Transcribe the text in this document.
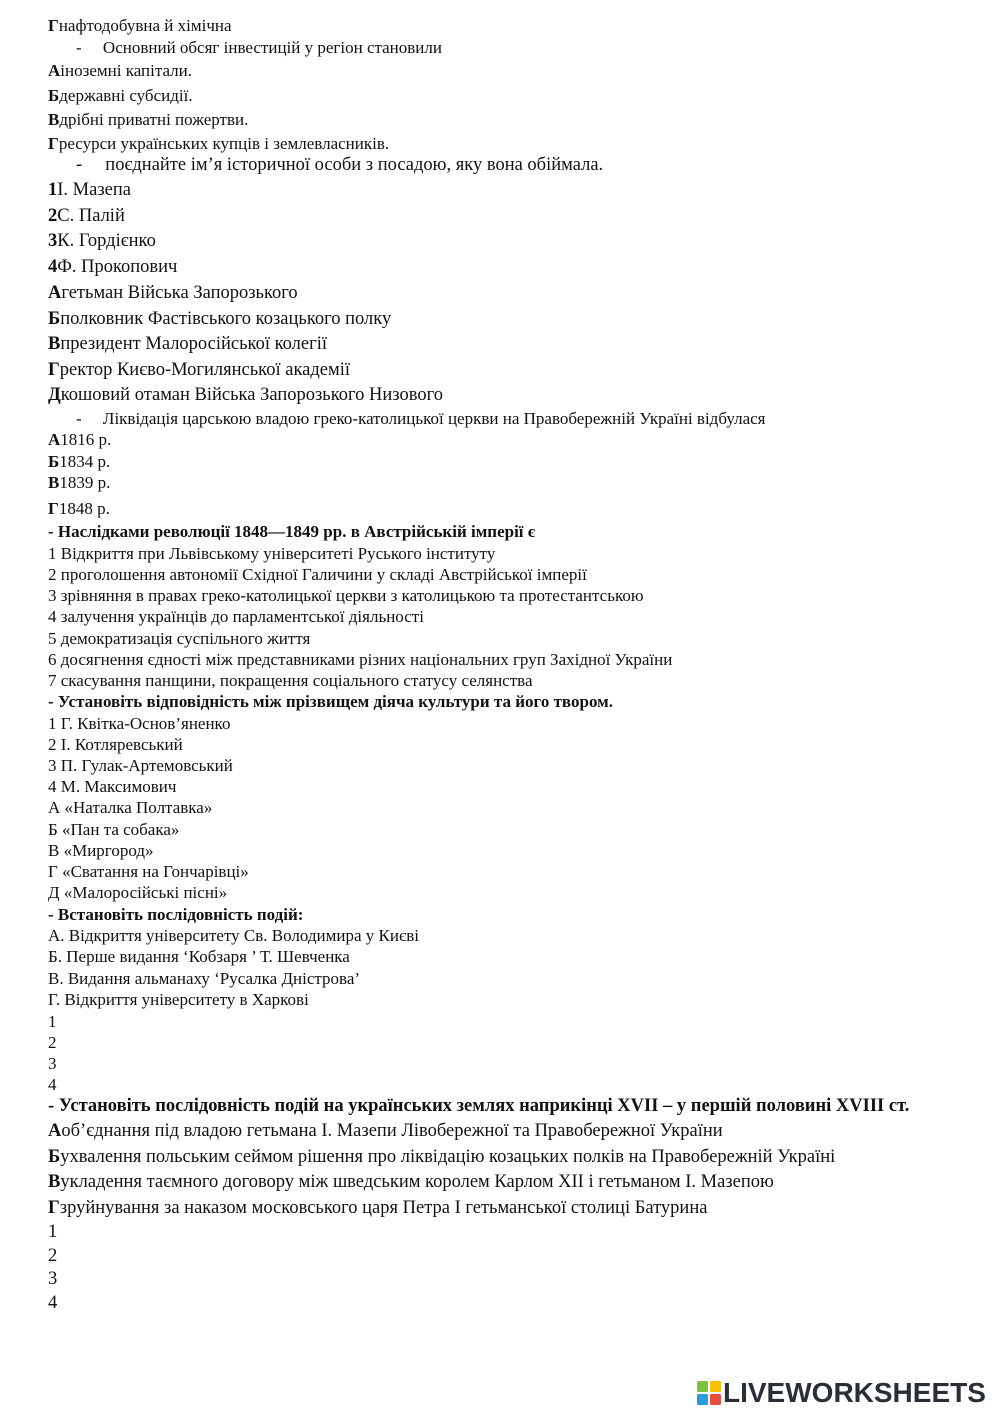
Гнафтодобувна й хімічна
-     Основний обсяг інвестицій у регіон становили
Аіноземні капітали.
Бдержавні субсидії.
Вдрібні приватні пожертви.
Гресурси українських купців і землевласників.
-     поєднайте ім’я історичної особи з посадою, яку вона обіймала.
1І. Мазепа
2С. Палій
3К. Гордієнко
4Ф. Прокопович
Агетьман Війська Запорозького
Бполковник Фастівського козацького полку
Впрезидент Малоросійської колегії
Гректор Києво-Могилянської академії
Дкошовий отаман Війська Запорозького Низового
-     Ліквідація царською владою греко-католицької церкви на Правобережній Україні відбулася
А1816 р.
Б1834 р.
В1839 р.
Г1848 р.
- Наслідками революції 1848—1849 рр. в Австрійській імперії є
1 Відкриття при Львівському університеті Руського інституту
2 проголошення автономії Східної Галичини у складі Австрійської імперії
3 зрівняння в правах греко-католицької церкви з католицькою та протестантською
4 залучення українців до парламентської діяльності
5 демократизація суспільного життя
6 досягнення єдності між представниками різних національних груп Західної України
7 скасування панщини, покращення соціального статусу селянства
- Установіть відповідність між прізвищем діяча культури та його твором.
1 Г. Квітка-Основ’яненко
2 І. Котляревський
3 П. Гулак-Артемовський
4 М. Максимович
А «Наталка Полтавка»
Б «Пан та собака»
В «Миргород»
Г «Сватання на Гончарівці»
Д «Малоросійські пісні»
- Встановіть послідовність подій:
А. Відкриття університету Св. Володимира у Києві
Б. Перше видання ‘Кобзаря ’ Т. Шевченка
В. Видання альманаху ‘Русалка Дністрова’
Г. Відкриття університету в Харкові
1
2
3
4
- Установіть послідовність подій на українських землях наприкінці XVII – у першій половині XVIII ст.
Аоб’єднання під владою гетьмана І. Мазепи Лівобережної та Правобережної України
Бухвалення польським сеймом рішення про ліквідацію козацьких полків на Правобережній Україні
Вукладення таємного договору між шведським королем Карлом XII і гетьманом І. Мазепою
Гзруйнування за наказом московського царя Петра І гетьманської столиці Батурина
1
2
3
4
LIVEWORKSHEETS
